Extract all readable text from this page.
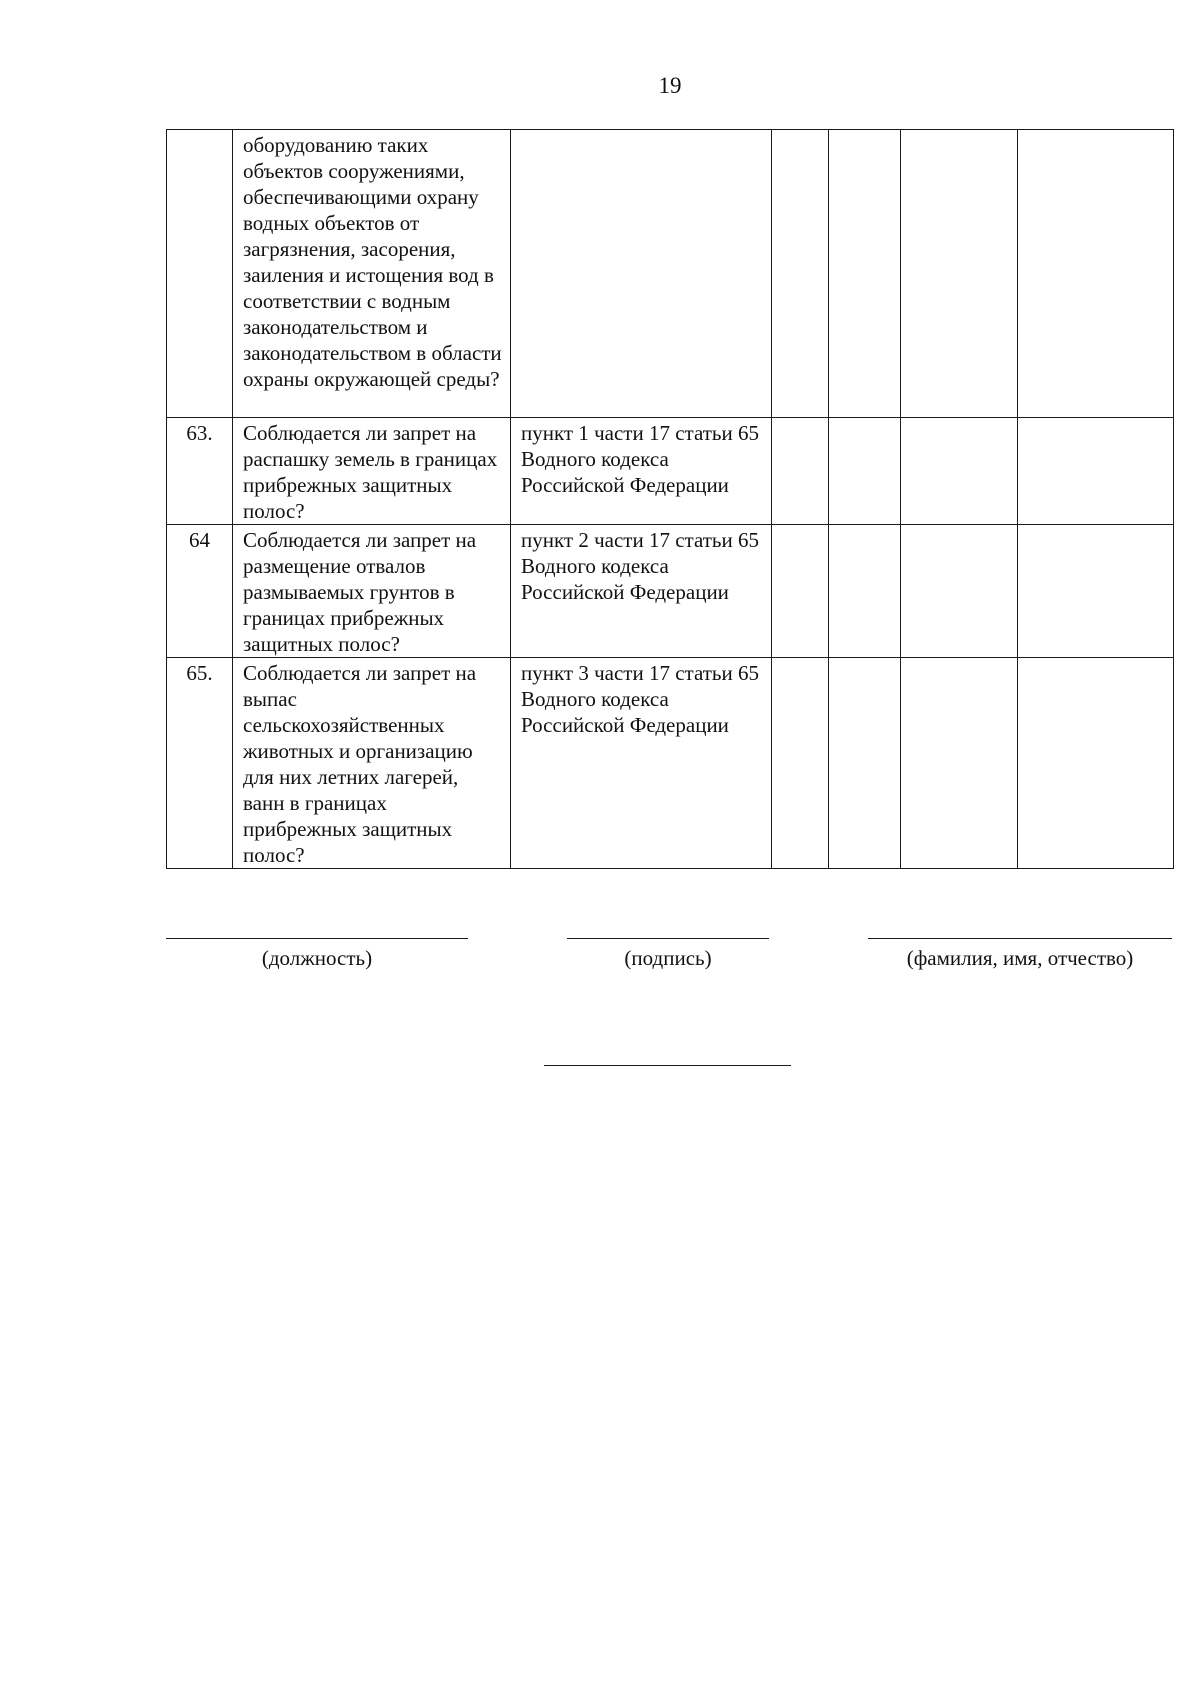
19
	оборудованию таких объектов сооружениями, обеспечивающими охрану водных объектов от загрязнения, засорения, заиления и истощения вод в соответствии с водным законодательством и законодательством в области охраны окружающей среды?					
63.	Соблюдается ли запрет на распашку земель в границах прибрежных защитных полос?	пункт 1 части 17 статьи 65 Водного кодекса Российской Федерации				
64	Соблюдается ли запрет на размещение отвалов размываемых грунтов в границах прибрежных защитных полос?	пункт 2 части 17 статьи 65 Водного кодекса Российской Федерации				
65.	Соблюдается ли запрет на выпас сельскохозяйственных животных и организацию для них летних лагерей, ванн в границах прибрежных защитных полос?	пункт 3 части 17 статьи 65 Водного кодекса Российской Федерации				
(должность)	(подпись)	(фамилия, имя, отчество)
